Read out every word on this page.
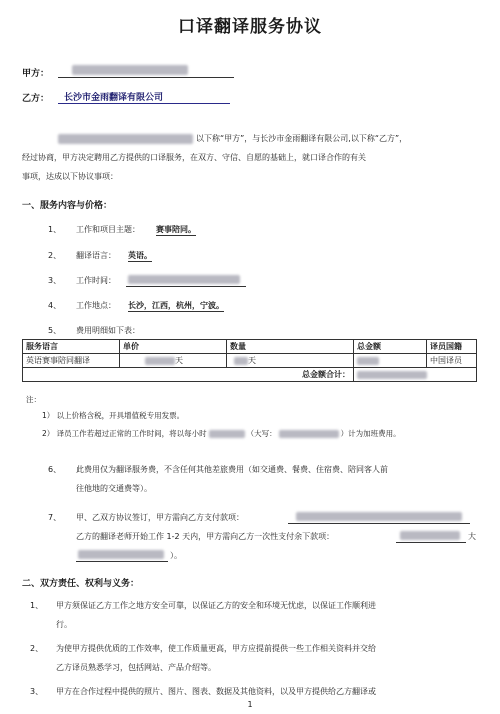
口译翻译服务协议
甲方：
乙方：	长沙市金雨翻译有限公司
以下称“甲方”，与长沙市金雨翻译有限公司,以下称“乙方”，
经过协商，甲方决定聘用乙方提供的口译服务，在双方、守信、自愿的基础上，就口译合作的有关
事项，达成以下协议事项：
一、服务内容与价格：
1、 工作和项目主题： 赛事陪同。
2、 翻译语言： 英语。
3、 工作时间：
4、 工作地点： 长沙，江西，杭州，宁波。
5、 费用明细如下表：
服务语言	单价	数量	总金额	译员国籍
英语赛事陪同翻译	天	天		中国译员
总金额合计：				
注：
1） 以上价格含税，开具增值税专用发票。
2） 译员工作若超过正常的工作时间，将以每小时	（大写：	）计为加班费用。
6、 此费用仅为翻译服务费，不含任何其他差旅费用（如交通费、餐费、住宿费、陪同客人前
往他地的交通费等）。
7、 甲、乙双方协议签订，甲方需向乙方支付款项：
乙方的翻译老师开始工作 1-2 天内，甲方需向乙方一次性支付余下款项：	大
）。
二、双方责任、权利与义务：
1、 甲方须保证乙方工作之地方安全可靠，以保证乙方的安全和环境无忧虑，以保证工作顺利进
行。
2、 为使甲方提供优质的工作效率，使工作质量更高，甲方应提前提供一些工作相关资料并交给
乙方译员熟悉学习，包括网站、产品介绍等。
3、 甲方在合作过程中提供的照片、图片、图表、数据及其他资料，以及甲方提供给乙方翻译或
1
